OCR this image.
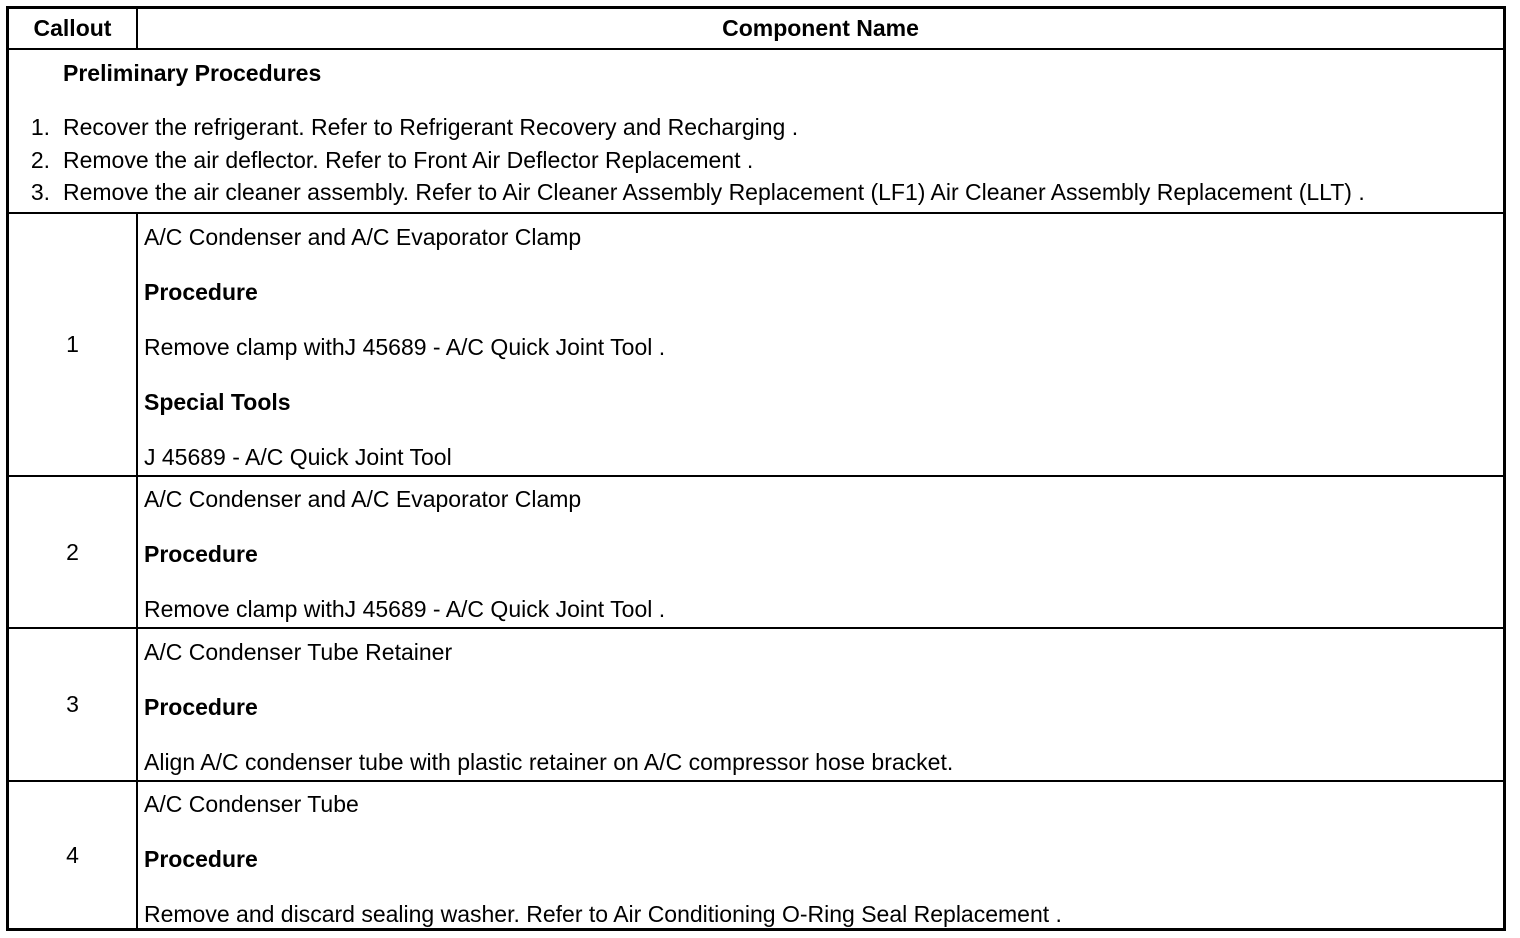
Callout	Component Name
Preliminary Procedures
1. Recover the refrigerant. Refer to Refrigerant Recovery and Recharging .
2. Remove the air deflector. Refer to Front Air Deflector Replacement .
3. Remove the air cleaner assembly. Refer to Air Cleaner Assembly Replacement (LF1) Air Cleaner Assembly Replacement (LLT) .
1
A/C Condenser and A/C Evaporator Clamp
Procedure
Remove clamp withJ 45689 - A/C Quick Joint Tool .
Special Tools
J 45689 - A/C Quick Joint Tool
2
A/C Condenser and A/C Evaporator Clamp
Procedure
Remove clamp withJ 45689 - A/C Quick Joint Tool .
3
A/C Condenser Tube Retainer
Procedure
Align A/C condenser tube with plastic retainer on A/C compressor hose bracket.
4
A/C Condenser Tube
Procedure
Remove and discard sealing washer. Refer to Air Conditioning O-Ring Seal Replacement .
